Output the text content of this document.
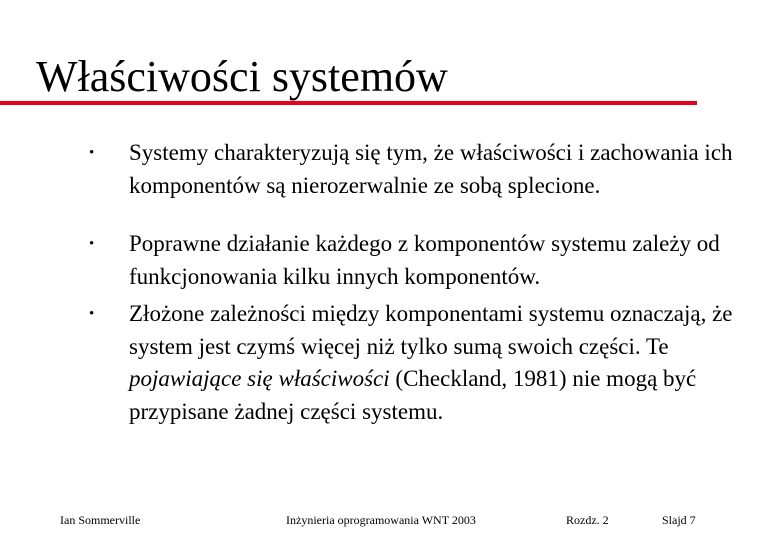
Właściwości systemów
• Systemy charakteryzują się tym, że właściwości i zachowania ich komponentów są nierozerwalnie ze sobą splecione.
• Poprawne działanie każdego z komponentów systemu zależy od funkcjonowania kilku innych komponentów.
• Złożone zależności między komponentami systemu oznaczają, że system jest czymś więcej niż tylko sumą swoich części. Te pojawiające się właściwości (Checkland, 1981) nie mogą być przypisane żadnej części systemu.
Ian Sommerville	Inżynieria oprogramowania WNT 2003	Rozdz. 2	Slajd 7
